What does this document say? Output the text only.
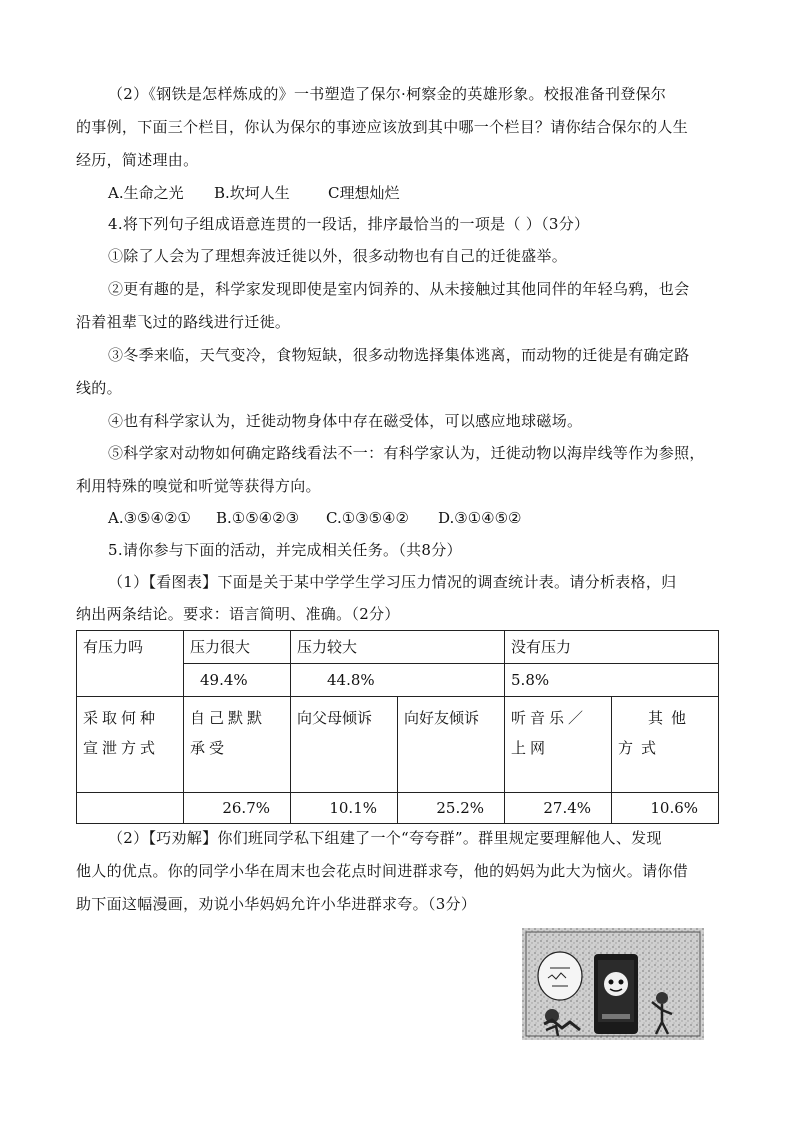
（2）《钢铁是怎样炼成的》一书塑造了保尔·柯察金的英雄形象。校报准备刊登保尔
的事例，下面三个栏目，你认为保尔的事迹应该放到其中哪一个栏目？请你结合保尔的人生
经历，简述理由。
A.生命之光 B.坎坷人生	C理想灿烂
4.将下列句子组成语意连贯的一段话，排序最恰当的一项是（ ）（3分）
①除了人会为了理想奔波迁徙以外，很多动物也有自己的迁徙盛举。
②更有趣的是，科学家发现即使是室内饲养的、从未接触过其他同伴的年轻乌鸦，也会
沿着祖辈飞过的路线进行迁徙。
③冬季来临，天气变冷，食物短缺，很多动物选择集体逃离，而动物的迁徙是有确定路
线的。
④也有科学家认为，迁徙动物身体中存在磁受体，可以感应地球磁场。
⑤科学家对动物如何确定路线看法不一：有科学家认为，迁徙动物以海岸线等作为参照，
利用特殊的嗅觉和听觉等获得方向。
A.③⑤④②① B.①⑤④②③ C.①③⑤④② D.③①④⑤②
5.请你参与下面的活动，并完成相关任务。（共8分）
（1）【看图表】下面是关于某中学学生学习压力情况的调查统计表。请分析表格，归
纳出两条结论。要求：语言简明、准确。（2分）
有压力吗	压力很大	压力较大		没有压力	
	49.4%	44.8%		5.8%	
采取何种宣泄方式	自己默默承受	向父母倾诉	向好友倾诉	听音乐／上网	其他方式
	26.7%	10.1%	25.2%	27.4%	10.6%
（2）【巧劝解】你们班同学私下组建了一个“夸夸群”。群里规定要理解他人、发现
他人的优点。你的同学小华在周末也会花点时间进群求夸，他的妈妈为此大为恼火。请你借
助下面这幅漫画，劝说小华妈妈允许小华进群求夸。（3分）
